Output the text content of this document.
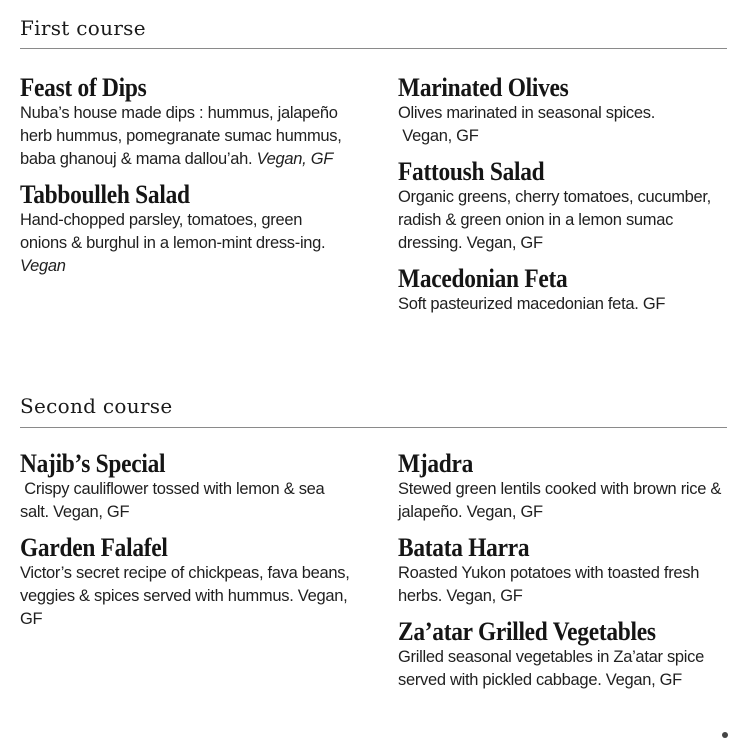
First course
Feast of Dips

Nuba’s house made dips : hummus, jalapeño herb hummus, pomegranate sumac hummus, baba ghanouj & mama dallou’ah. Vegan, GF

Tabboulleh Salad

Hand-chopped parsley, tomatoes, green onions & burghul in a lemon-mint dress-ing. Vegan

Marinated Olives

Olives marinated in seasonal spices.
Vegan, GF

Fattoush Salad

Organic greens, cherry tomatoes, cucumber, radish & green onion in a lemon sumac dressing. Vegan, GF

Macedonian Feta

Soft pasteurized macedonian feta. GF

Second course
Najib’s Special

Crispy cauliflower tossed with lemon & sea salt. Vegan, GF

Garden Falafel

Victor’s secret recipe of chickpeas, fava beans, veggies & spices served with hummus. Vegan, GF

Mjadra

Stewed green lentils cooked with brown rice & jalapeño. Vegan, GF

Batata Harra

Roasted Yukon potatoes with toasted fresh herbs. Vegan, GF

Za’atar Grilled Vegetables

Grilled seasonal vegetables in Za’atar spice served with pickled cabbage. Vegan, GF
